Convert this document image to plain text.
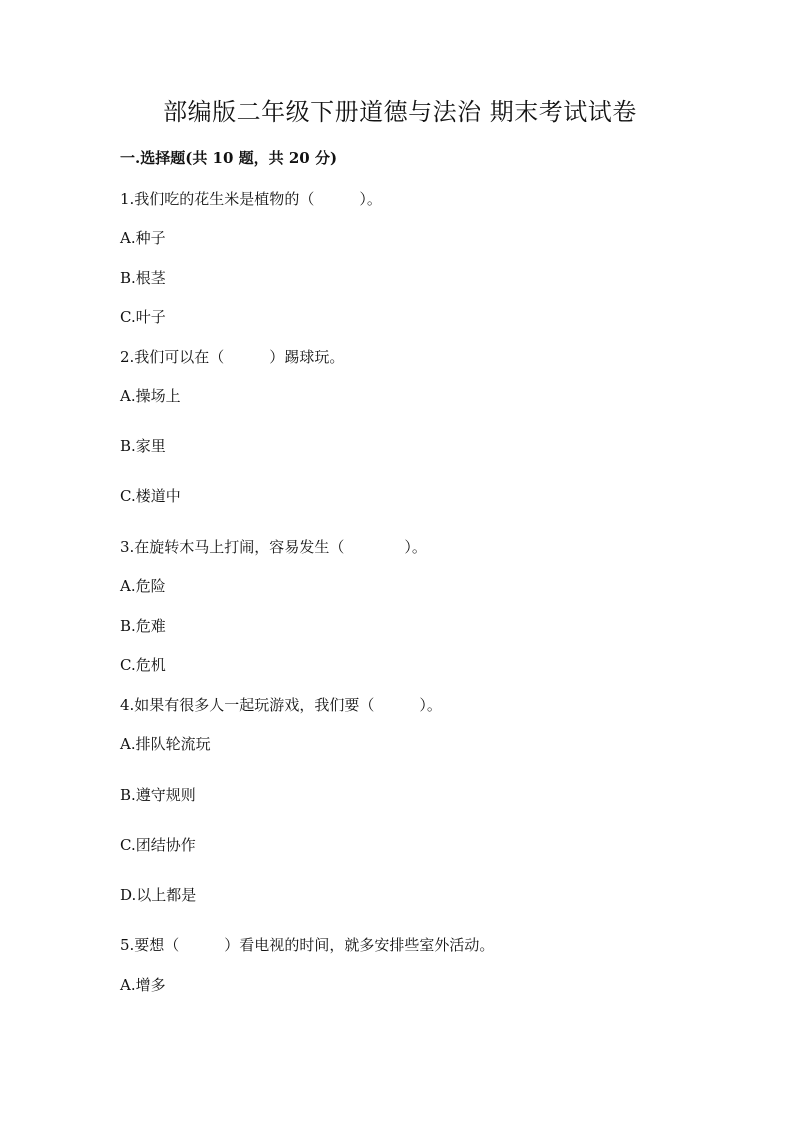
部编版二年级下册道德与法治 期末考试试卷
一.选择题(共 10 题，共 20 分)
1.我们吃的花生米是植物的（　　　）。
A.种子
B.根茎
C.叶子
2.我们可以在（　　　）踢球玩。
A.操场上
B.家里
C.楼道中
3.在旋转木马上打闹，容易发生（　　　　）。
A.危险
B.危难
C.危机
4.如果有很多人一起玩游戏，我们要（　　　）。
A.排队轮流玩
B.遵守规则
C.团结协作
D.以上都是
5.要想（　　　）看电视的时间，就多安排些室外活动。
A.增多
